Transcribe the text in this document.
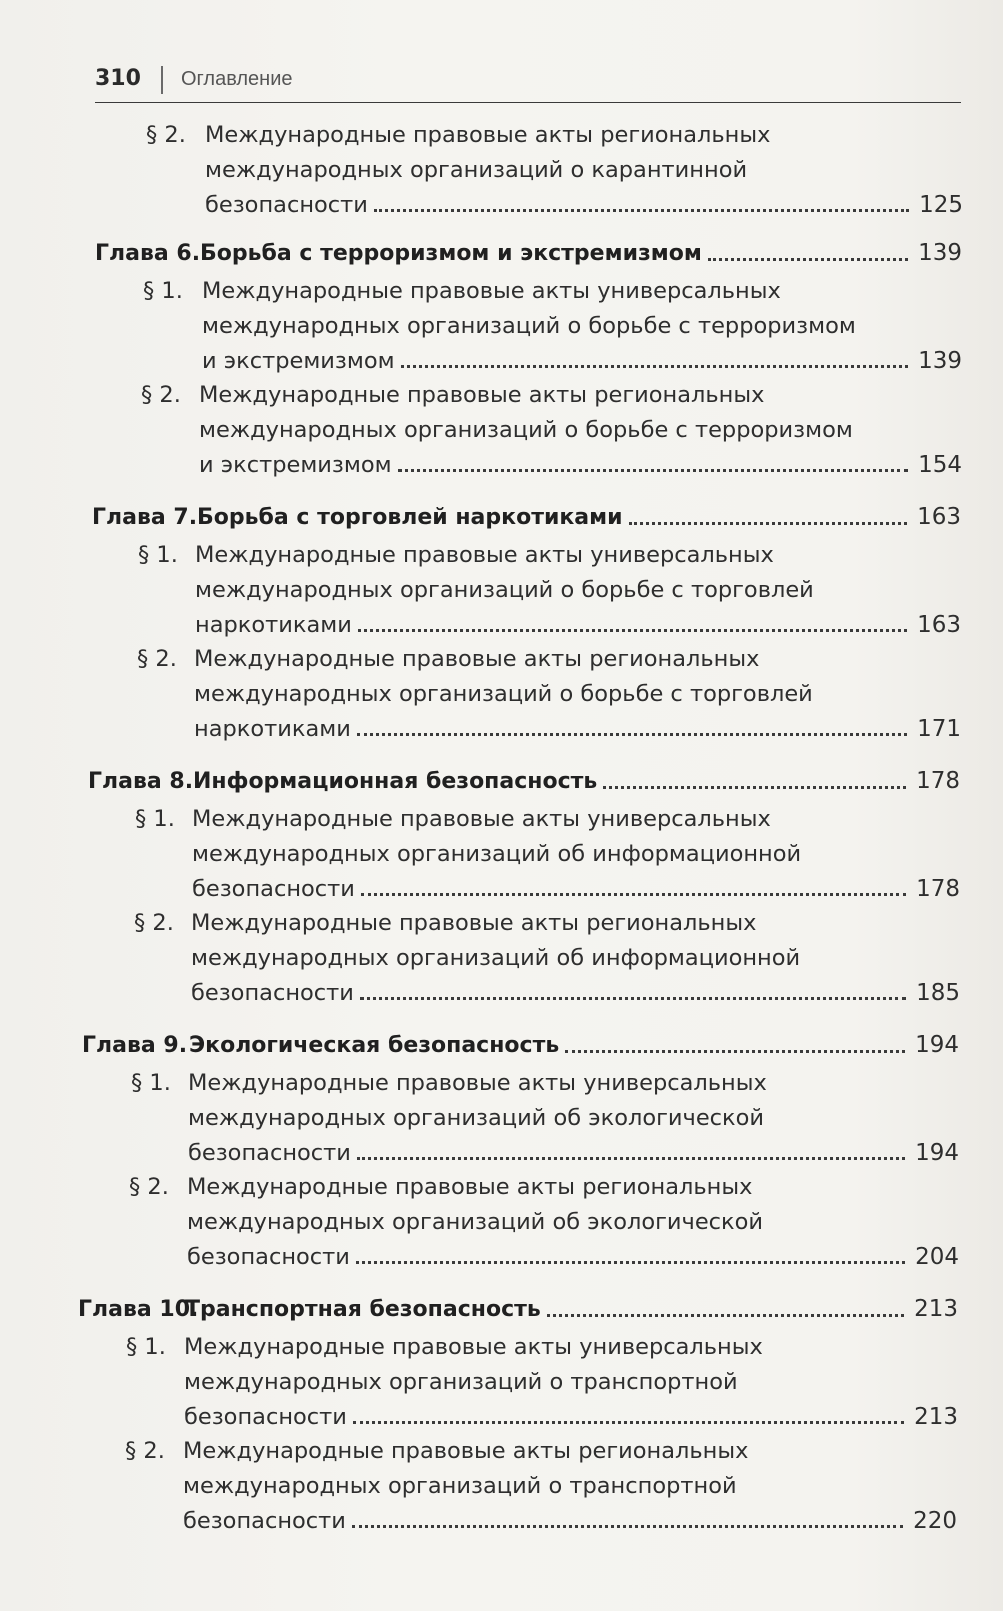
310 Оглавление
§ 2. Международные правовые акты региональных
международных организаций о карантинной
безопасности	125
Глава 6. Борьба с терроризмом и экстремизмом	139
§ 1. Международные правовые акты универсальных
международных организаций о борьбе с терроризмом
и экстремизмом	139
§ 2. Международные правовые акты региональных
международных организаций о борьбе с терроризмом
и экстремизмом	154
Глава 7. Борьба с торговлей наркотиками	163
§ 1. Международные правовые акты универсальных
международных организаций о борьбе с торговлей
наркотиками	163
§ 2. Международные правовые акты региональных
международных организаций о борьбе с торговлей
наркотиками	171
Глава 8. Информационная безопасность	178
§ 1. Международные правовые акты универсальных
международных организаций об информационной
безопасности	178
§ 2. Международные правовые акты региональных
международных организаций об информационной
безопасности	185
Глава 9. Экологическая безопасность	194
§ 1. Международные правовые акты универсальных
международных организаций об экологической
безопасности	194
§ 2. Международные правовые акты региональных
международных организаций об экологической
безопасности	204
Глава 10.
Транспортная безопасность	213
§ 1. Международные правовые акты универсальных
международных организаций о транспортной
безопасности	213
§ 2. Международные правовые акты региональных
международных организаций о транспортной
безопасности	220
